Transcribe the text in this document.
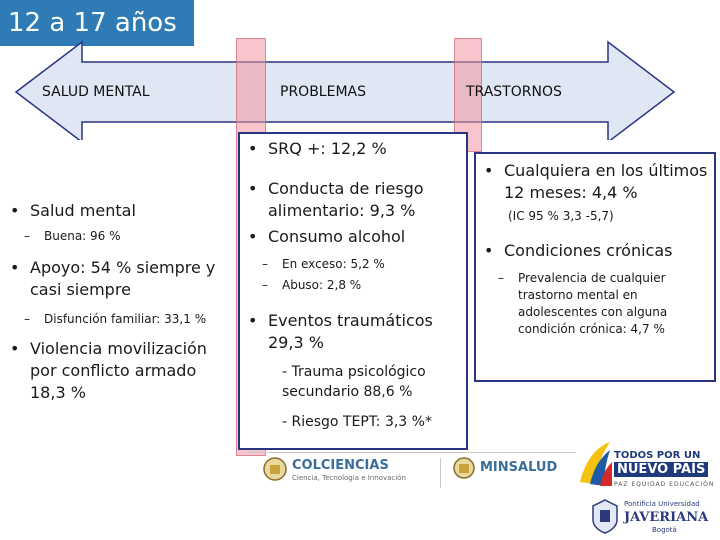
12 a 17 años
SALUD MENTAL	PROBLEMAS	TRASTORNOS
• Salud mental
– Buena: 96 %
• Apoyo: 54 % siempre y casi siempre
– Disfunción familiar: 33,1 %
• Violencia movilización por conflicto armado 18,3 %
• SRQ +: 12,2 %
• Conducta de riesgo alimentario: 9,3 %
• Consumo alcohol
– En exceso: 5,2 %
– Abuso: 2,8 %
• Eventos traumáticos 29,3 %
- Trauma psicológico secundario 88,6 %
- Riesgo TEPT: 3,3 %*
• Cualquiera en los últimos 12 meses: 4,4 %
(IC 95 % 3,3 -5,7)
• Condiciones crónicas
– Prevalencia de cualquier trastorno mental en adolescentes con alguna condición crónica: 4,7 %
COLCIENCIAS
Ciencia, Tecnología e Innovación
MINSALUD
TODOS POR UN
NUEVO PAÍS
PAZ EQUIDAD EDUCACIÓN
Pontificia Universidad
JAVERIANA
Bogotá
